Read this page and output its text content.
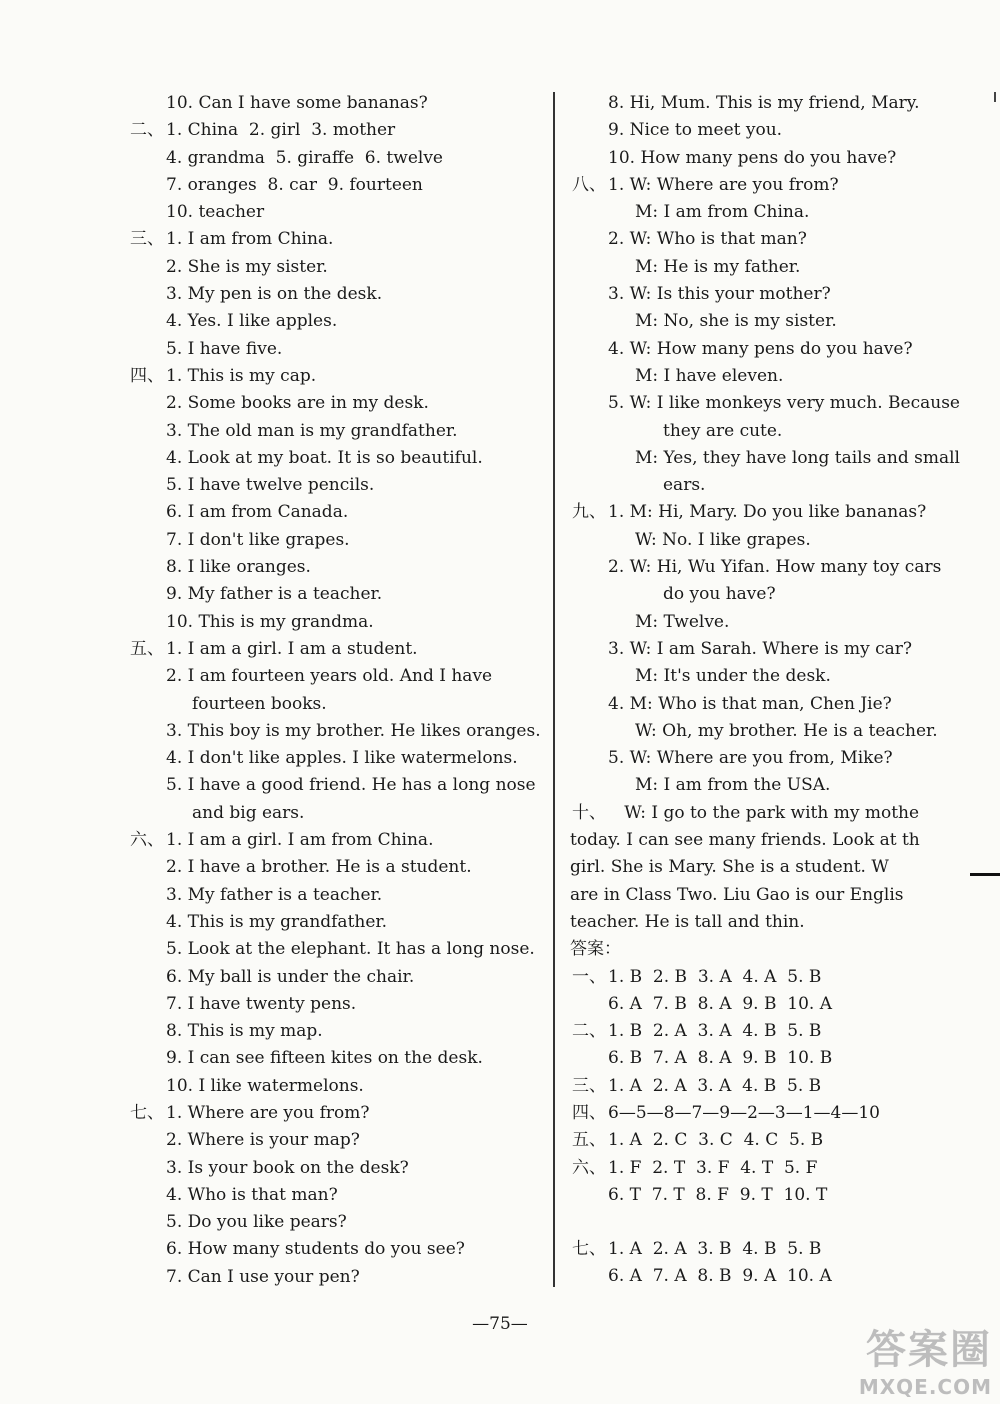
10. Can I have some bananas?
二、 1. China  2. girl  3. mother
4. grandma  5. giraffe  6. twelve
7. oranges  8. car  9. fourteen
10. teacher
三、 1. I am from China.
2. She is my sister.
3. My pen is on the desk.
4. Yes. I like apples.
5. I have five.
四、 1. This is my cap.
2. Some books are in my desk.
3. The old man is my grandfather.
4. Look at my boat. It is so beautiful.
5. I have twelve pencils.
6. I am from Canada.
7. I don't like grapes.
8. I like oranges.
9. My father is a teacher.
10. This is my grandma.
五、 1. I am a girl. I am a student.
2. I am fourteen years old. And I have
fourteen books.
3. This boy is my brother. He likes oranges.
4. I don't like apples. I like watermelons.
5. I have a good friend. He has a long nose
and big ears.
六、 1. I am a girl. I am from China.
2. I have a brother. He is a student.
3. My father is a teacher.
4. This is my grandfather.
5. Look at the elephant. It has a long nose.
6. My ball is under the chair.
7. I have twenty pens.
8. This is my map.
9. I can see fifteen kites on the desk.
10. I like watermelons.
七、 1. Where are you from?
2. Where is your map?
3. Is your book on the desk?
4. Who is that man?
5. Do you like pears?
6. How many students do you see?
7. Can I use your pen?
8. Hi, Mum. This is my friend, Mary.
9. Nice to meet you.
10. How many pens do you have?
八、 1. W: Where are you from?
M: I am from China.
2. W: Who is that man?
M: He is my father.
3. W: Is this your mother?
M: No, she is my sister.
4. W: How many pens do you have?
M: I have eleven.
5. W: I like monkeys very much. Because
they are cute.
M: Yes, they have long tails and small
ears.
九、 1. M: Hi, Mary. Do you like bananas?
W: No. I like grapes.
2. W: Hi, Wu Yifan. How many toy cars
do you have?
M: Twelve.
3. W: I am Sarah. Where is my car?
M: It's under the desk.
4. M: Who is that man, Chen Jie?
W: Oh, my brother. He is a teacher.
5. W: Where are you from, Mike?
M: I am from the USA.
十、   W: I go to the park with my mothe
today. I can see many friends. Look at th
girl. She is Mary. She is a student. W
are in Class Two. Liu Gao is our Englis
teacher. He is tall and thin.
答案：
一、 1. B  2. B  3. A  4. A  5. B
6. A  7. B  8. A  9. B  10. A
二、 1. B  2. A  3. A  4. B  5. B
6. B  7. A  8. A  9. B  10. B
三、 1. A  2. A  3. A  4. B  5. B
四、 6—5—8—7—9—2—3—1—4—10
五、 1. A  2. C  3. C  4. C  5. B
六、 1. F  2. T  3. F  4. T  5. F
6. T  7. T  8. F  9. T  10. T
七、 1. A  2. A  3. B  4. B  5. B
6. A  7. A  8. B  9. A  10. A
—75—
答案圈
MXQE.COM
